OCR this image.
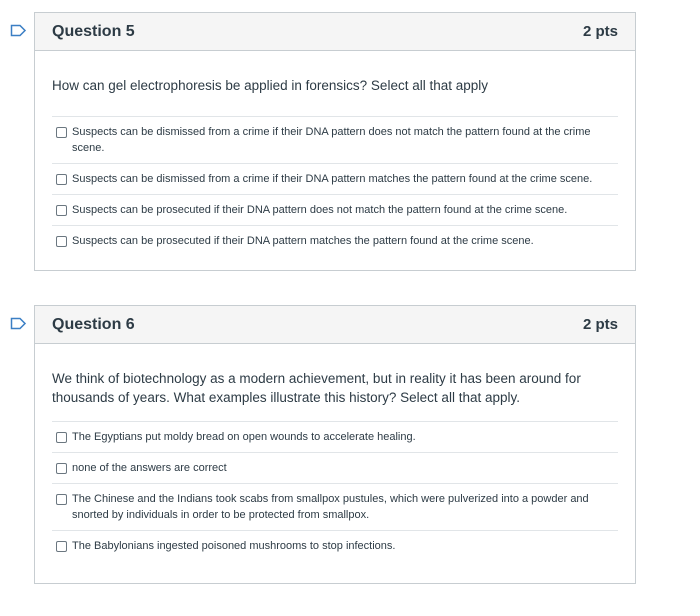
Question 5	2 pts
How can gel electrophoresis be applied in forensics? Select all that apply
Suspects can be dismissed from a crime if their DNA pattern does not match the pattern found at the crime scene.
Suspects can be dismissed from a crime if their DNA pattern matches the pattern found at the crime scene.
Suspects can be prosecuted if their DNA pattern does not match the pattern found at the crime scene.
Suspects can be prosecuted if their DNA pattern matches the pattern found at the crime scene.
Question 6	2 pts
We think of biotechnology as a modern achievement, but in reality it has been around for thousands of years. What examples illustrate this history? Select all that apply.
The Egyptians put moldy bread on open wounds to accelerate healing.
none of the answers are correct
The Chinese and the Indians took scabs from smallpox pustules, which were pulverized into a powder and snorted by individuals in order to be protected from smallpox.
The Babylonians ingested poisoned mushrooms to stop infections.
